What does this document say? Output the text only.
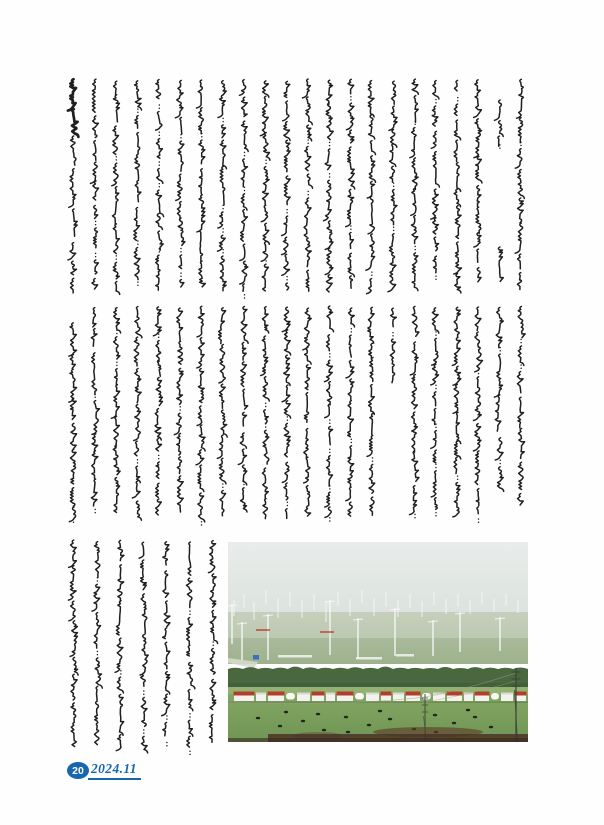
20 2024.11
